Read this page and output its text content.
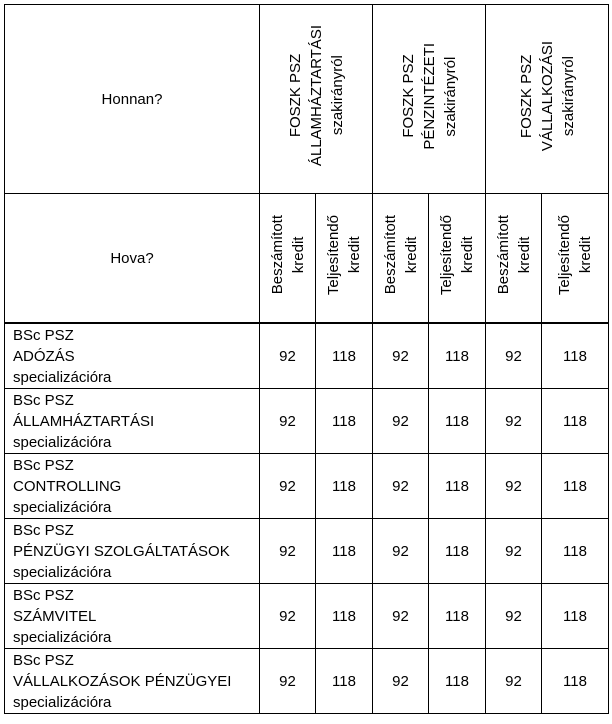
Honnan?	FOSZK PSZ
ÁLLAMHÁZTARTÁSI
szakirányról		FOSZK PSZ
PÉNZINTÉZETI
szakirányról		FOSZK PSZ
VÁLLALKOZÁSI
szakirányról	
Hova?	Beszámított
kredit	Teljesítendő
kredit	Beszámított
kredit	Teljesítendő
kredit	Beszámított
kredit	Teljesítendő
kredit
BSc PSZ
ADÓZÁS
specializációra	92	118	92	118	92	118
BSc PSZ
ÁLLAMHÁZTARTÁSI
specializációra	92	118	92	118	92	118
BSc PSZ
CONTROLLING
specializációra	92	118	92	118	92	118
BSc PSZ
PÉNZÜGYI SZOLGÁLTATÁSOK
specializációra	92	118	92	118	92	118
BSc PSZ
SZÁMVITEL
specializációra	92	118	92	118	92	118
BSc PSZ
VÁLLALKOZÁSOK PÉNZÜGYEI
specializációra	92	118	92	118	92	118
